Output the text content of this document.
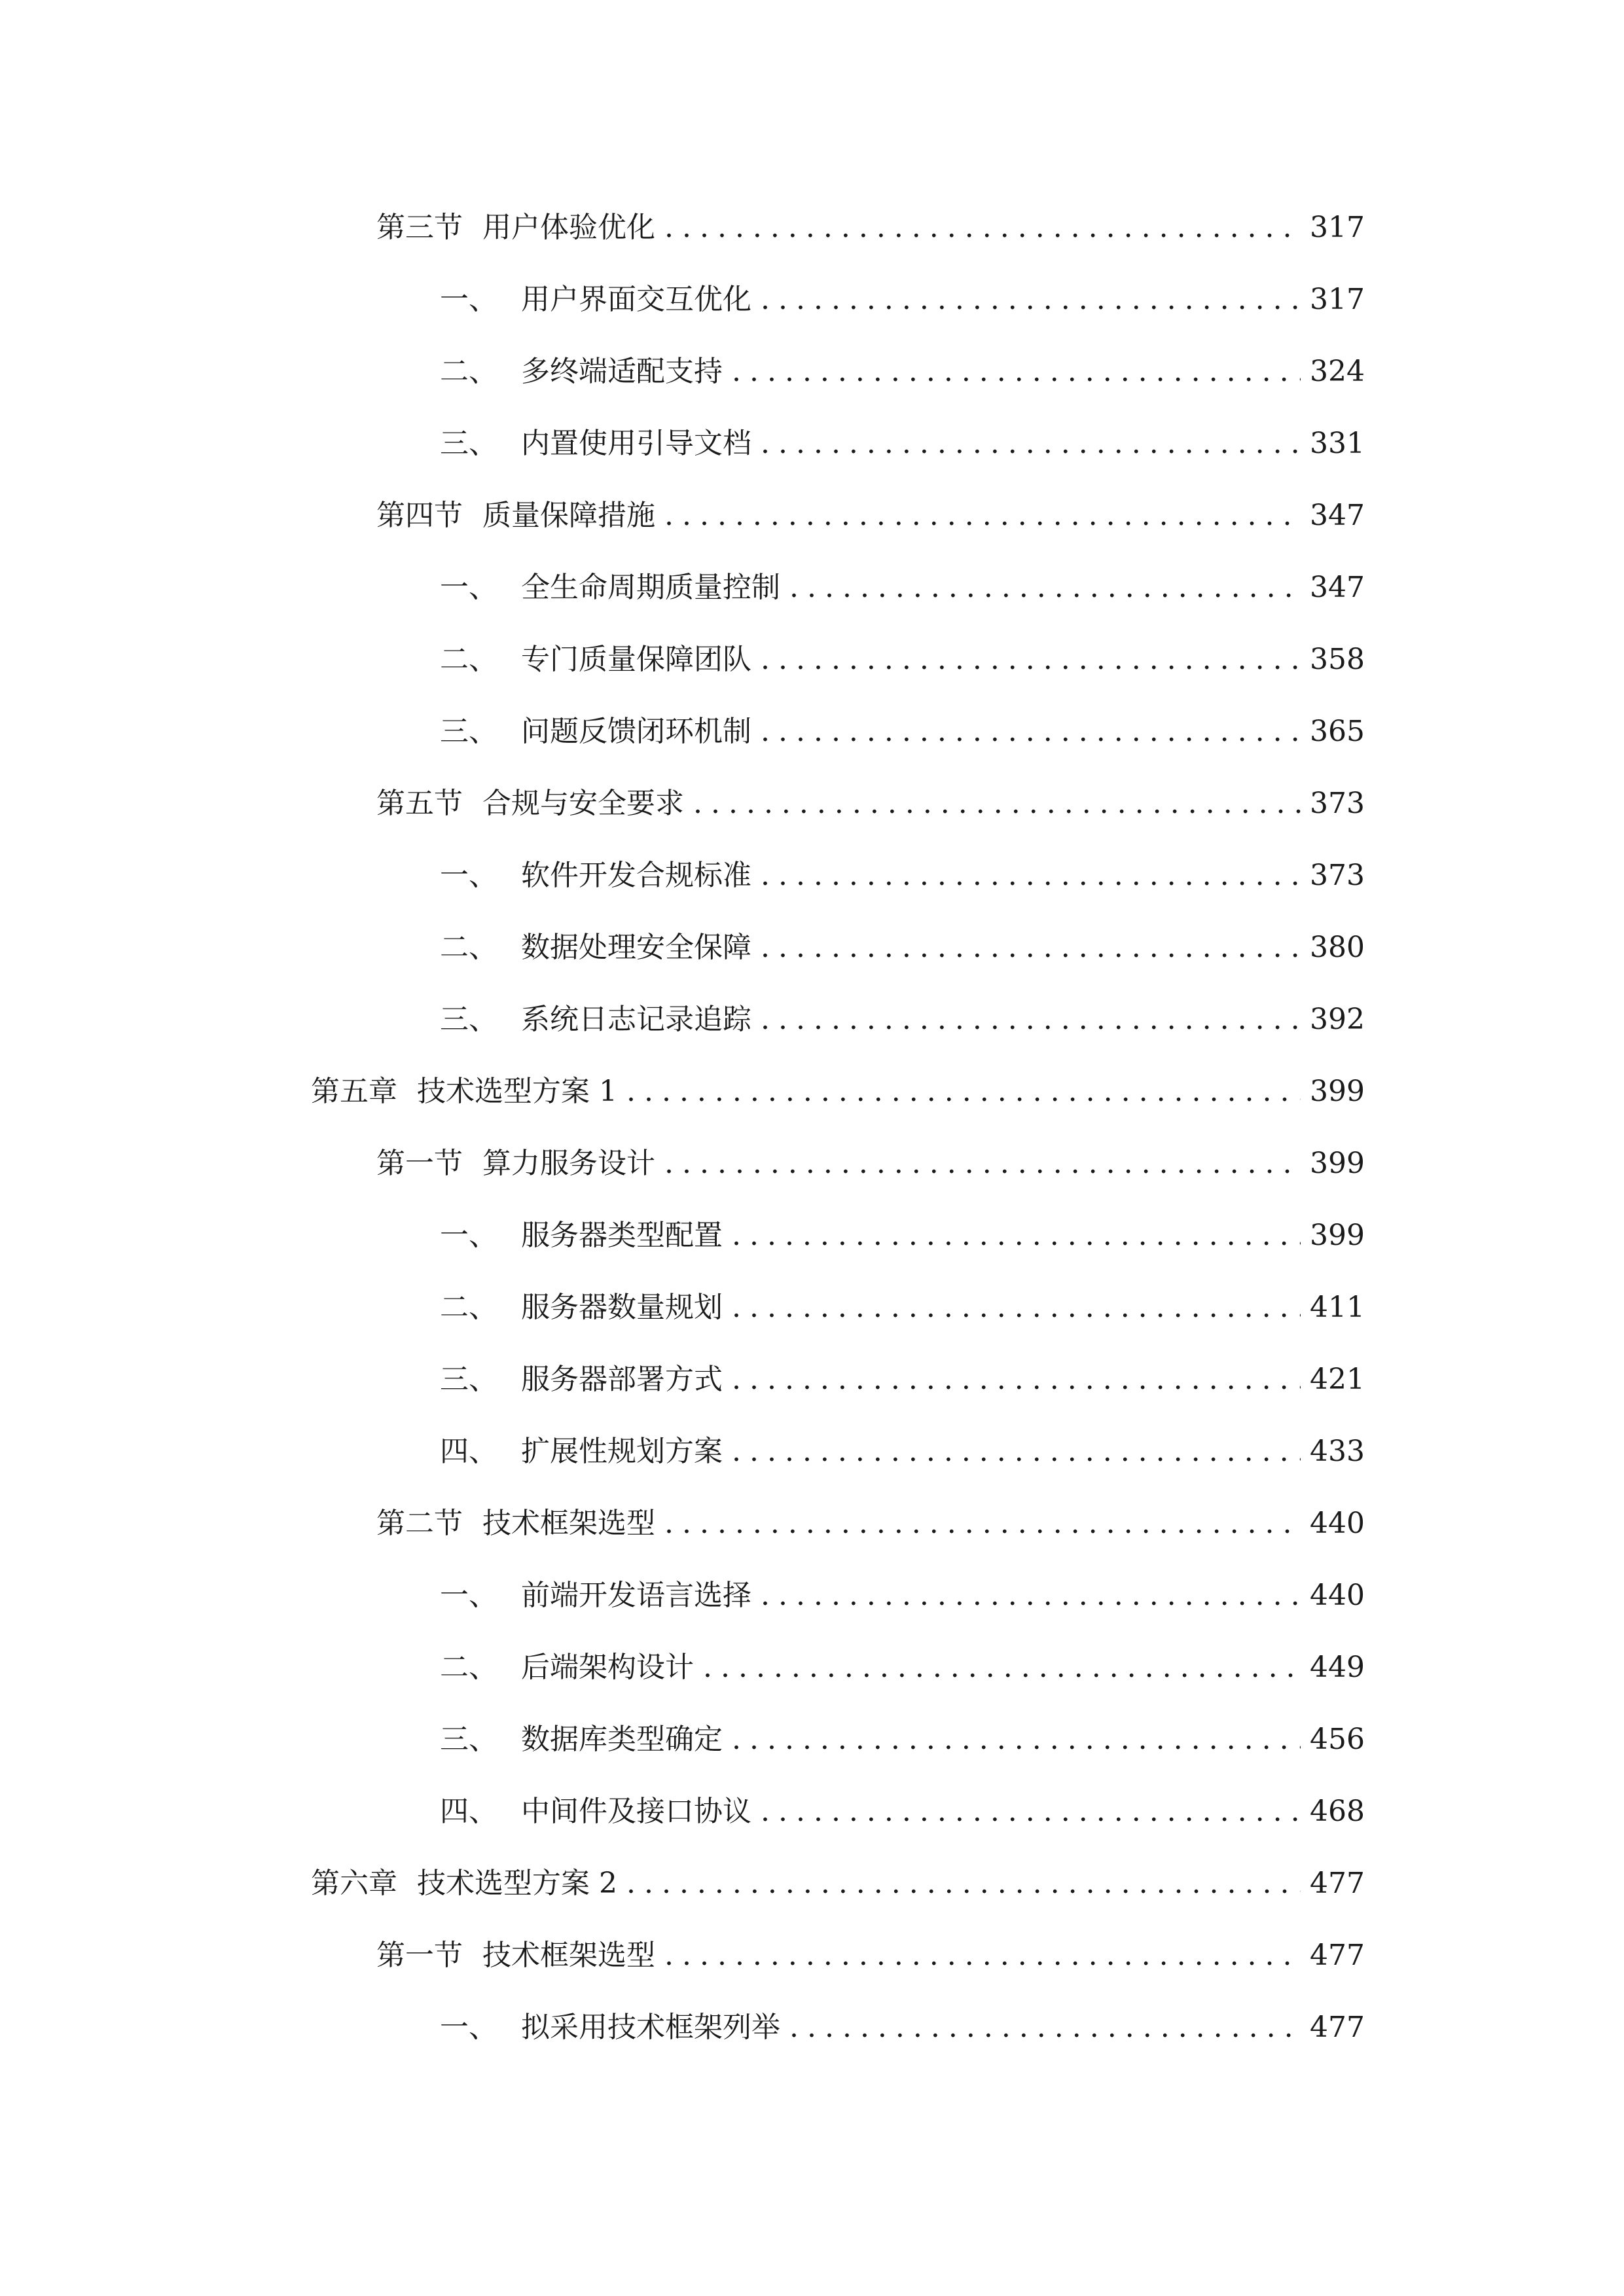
第三节 用户体验优化 .....	317
一、 用户界面交互优化 .....	317
二、 多终端适配支持 .....	324
三、 内置使用引导文档 .....	331
第四节 质量保障措施 .....	347
一、 全生命周期质量控制 .....	347
二、 专门质量保障团队 .....	358
三、 问题反馈闭环机制 .....	365
第五节 合规与安全要求 .....	373
一、 软件开发合规标准 .....	373
二、 数据处理安全保障 .....	380
三、 系统日志记录追踪 .....	392
第五章 技术选型方案 1 .....	399
第一节 算力服务设计 .....	399
一、 服务器类型配置 .....	399
二、 服务器数量规划 .....	411
三、 服务器部署方式 .....	421
四、 扩展性规划方案 .....	433
第二节 技术框架选型 .....	440
一、 前端开发语言选择 .....	440
二、 后端架构设计 .....	449
三、 数据库类型确定 .....	456
四、 中间件及接口协议 .....	468
第六章 技术选型方案 2 .....	477
第一节 技术框架选型 .....	477
一、 拟采用技术框架列举 .....	477
